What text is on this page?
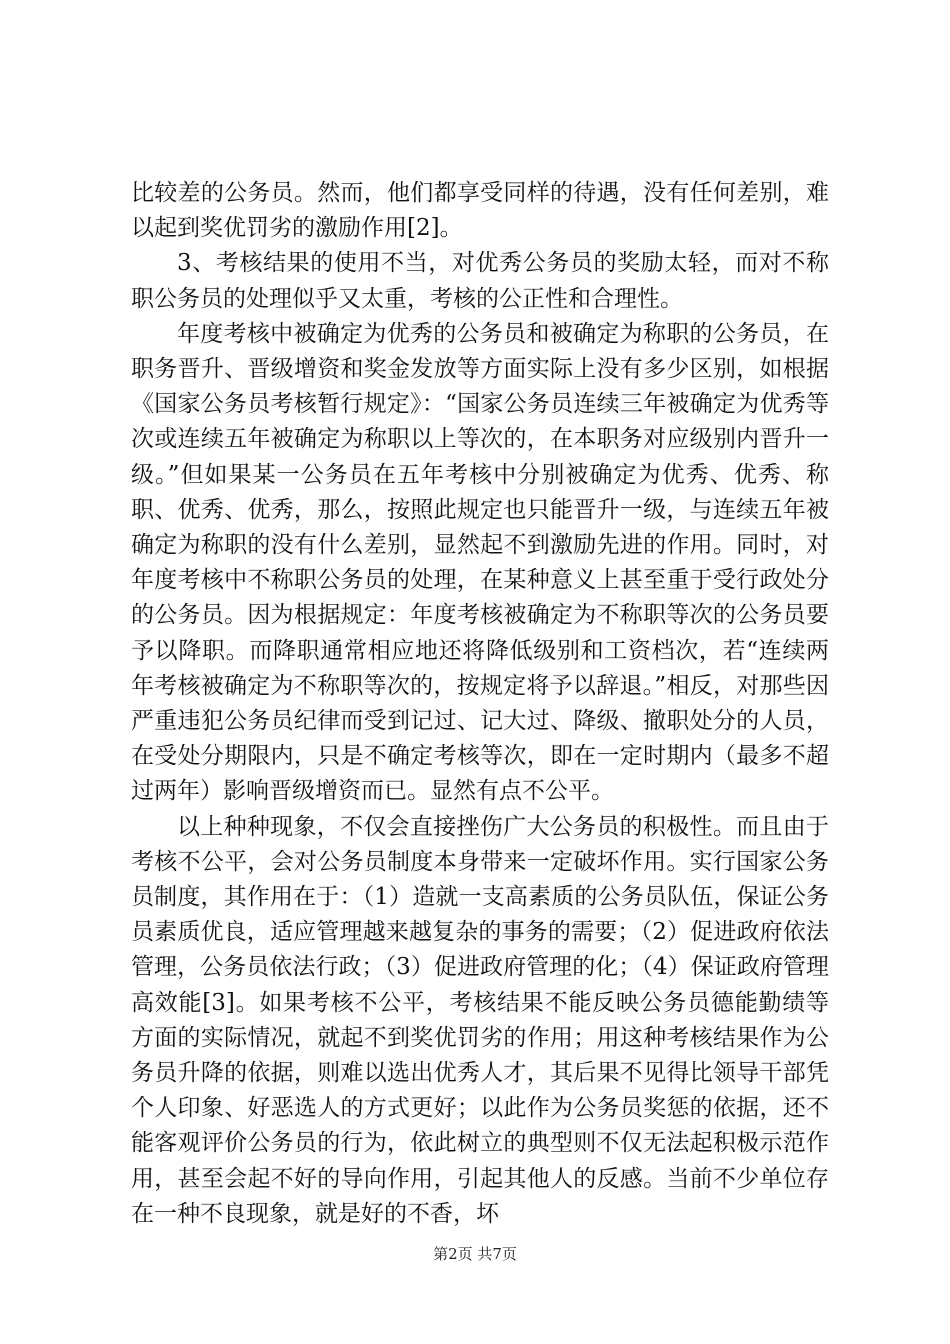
比较差的公务员。然而，他们都享受同样的待遇，没有任何差别，难以起到奖优罚劣的激励作用[2]。

3、考核结果的使用不当，对优秀公务员的奖励太轻，而对不称职公务员的处理似乎又太重，考核的公正性和合理性。

年度考核中被确定为优秀的公务员和被确定为称职的公务员，在职务晋升、晋级增资和奖金发放等方面实际上没有多少区别，如根据《国家公务员考核暂行规定》：“国家公务员连续三年被确定为优秀等次或连续五年被确定为称职以上等次的，在本职务对应级别内晋升一级。”但如果某一公务员在五年考核中分别被确定为优秀、优秀、称职、优秀、优秀，那么，按照此规定也只能晋升一级，与连续五年被确定为称职的没有什么差别，显然起不到激励先进的作用。同时，对年度考核中不称职公务员的处理，在某种意义上甚至重于受行政处分的公务员。因为根据规定：年度考核被确定为不称职等次的公务员要予以降职。而降职通常相应地还将降低级别和工资档次，若“连续两年考核被确定为不称职等次的，按规定将予以辞退。”相反，对那些因严重违犯公务员纪律而受到记过、记大过、降级、撤职处分的人员，在受处分期限内，只是不确定考核等次，即在一定时期内（最多不超过两年）影响晋级增资而已。显然有点不公平。

以上种种现象，不仅会直接挫伤广大公务员的积极性。而且由于考核不公平，会对公务员制度本身带来一定破坏作用。实行国家公务员制度，其作用在于：（1）造就一支高素质的公务员队伍，保证公务员素质优良，适应管理越来越复杂的事务的需要；（2）促进政府依法管理，公务员依法行政；（3）促进政府管理的化；（4）保证政府管理高效能[3]。如果考核不公平，考核结果不能反映公务员德能勤绩等方面的实际情况，就起不到奖优罚劣的作用；用这种考核结果作为公务员升降的依据，则难以选出优秀人才，其后果不见得比领导干部凭个人印象、好恶选人的方式更好；以此作为公务员奖惩的依据，还不能客观评价公务员的行为，依此树立的典型则不仅无法起积极示范作用，甚至会起不好的导向作用，引起其他人的反感。当前不少单位存在一种不良现象，就是好的不香，坏

第2页 共7页
